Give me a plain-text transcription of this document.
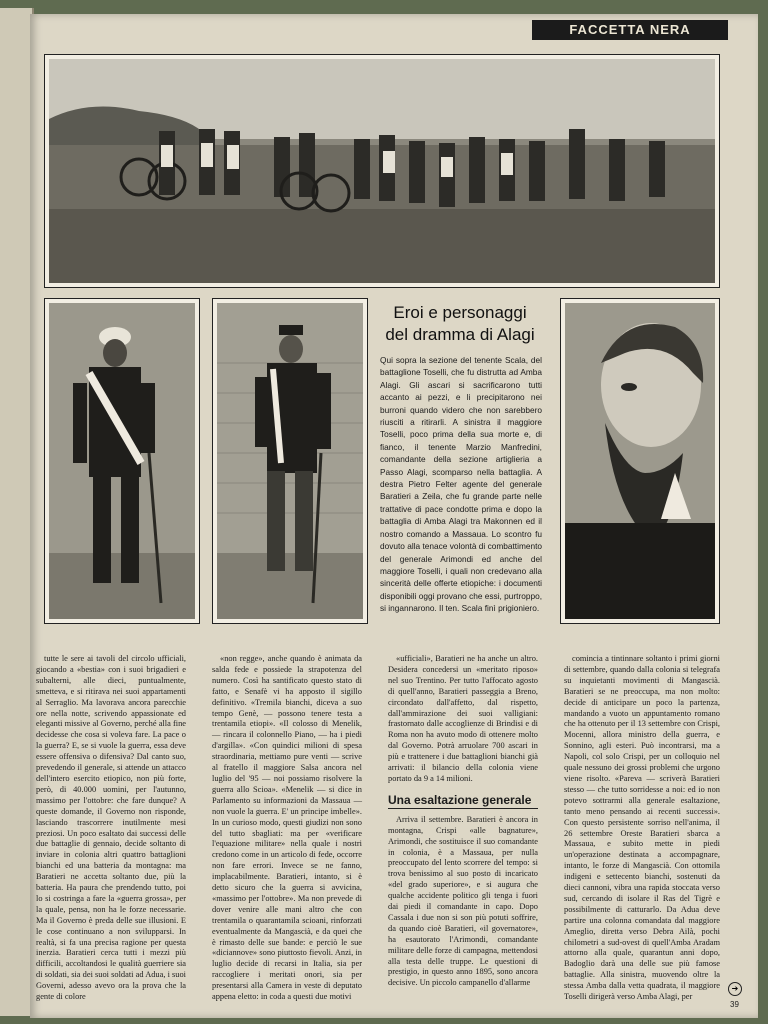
FACCETTA NERA
Eroi e personaggi
del dramma di Alagi
Qui sopra la sezione del tenente Scala, del battaglione Toselli, che fu distrutta ad Amba Alagi. Gli ascari si sacrificarono tutti accanto ai pezzi, e li precipitarono nei burroni quando videro che non sarebbero riusciti a ritirarli. A sinistra il maggiore Toselli, poco prima della sua morte e, di fianco, il tenente Marzio Manfredini, comandante della sezione artiglieria a Passo Alagi, scomparso nella battaglia. A destra Pietro Felter agente del generale Baratieri a Zeila, che fu grande parte nelle trattative di pace condotte prima e dopo la battaglia di Amba Alagi tra Makonnen ed il nostro comando a Massaua. Lo scontro fu dovuto alla tenace volontà di combattimento del generale Arimondi ed anche del maggiore Toselli, i quali non credevano alla sincerità delle offerte etiopiche: i documenti disponibili oggi provano che essi, purtroppo, si ingannarono. Il ten. Scala finì prigioniero.

tutte le sere ai tavoli del circolo ufficiali, giocando a «bestia» con i suoi brigadieri e subalterni, alle dieci, puntualmente, smetteva, e si ritirava nei suoi appartamenti al Serraglio. Ma lavorava ancora parecchie ore nella notte, scrivendo appassionate ed eleganti missive al Governo, perché alla fine decidesse che cosa si voleva fare. La pace o la guerra? E, se si vuole la guerra, essa deve essere offensiva o difensiva? Dal canto suo, prevedendo il generale, si attende un attacco dell'intero esercito etiopico, non più forte, però, di 40.000 uomini, per l'autunno, massimo per l'ottobre: che fare dunque? A queste domande, il Governo non risponde, lasciando trascorrere inutilmente mesi preziosi. Un poco esaltato dai successi delle due battaglie di gennaio, decide soltanto di inviare in colonia altri quattro battaglioni bianchi ed una batteria da montagna: ma Baratieri ne accetta soltanto due, più la batteria. Ha paura che prendendo tutto, poi lo si costringa a fare la «guerra grossa», per la quale, pensa, non ha le forze necessarie. Ma il Governo è preda delle sue illusioni. E le cose continuano a non svilupparsi. In realtà, si fa una precisa ragione per questa inerzia. Baratieri cerca tutti i mezzi più difficili, accoltandosi le qualità guerriere sia di soldati, sia dei suoi soldati ad Adua, i suoi Governi, adesso avevo ora la prova che la gente di colore

«non regge», anche quando è animata da salda fede e possiede la strapotenza del numero. Così ha santificato questo stato di fatto, e Senafè vi ha apposto il sigillo definitivo. «Tremila bianchi, diceva a suo tempo Genè, — possono tenere testa a trentamila etiopi». «Il colosso di Menelik, — rincara il colonnello Piano, — ha i piedi d'argilla». «Con quindici milioni di spesa straordinaria, mettiamo pure venti — scrive al fratello il maggiore Salsa ancora nel luglio del '95 — noi possiamo risolvere la guerra allo Scioa». «Menelik — si dice in Parlamento su informazioni da Massaua — non vuole la guerra. E' un principe imbelle». In un curioso modo, questi giudizi non sono del tutto sbagliati: ma per «verificare l'equazione militare» nella quale i nostri credono come in un articolo di fede, occorre non fare errori. Invece se ne fanno, implacabilmente. Baratieri, intanto, si è detto sicuro che la guerra si avvicina, «massimo per l'ottobre». Ma non prevede di dover venire alle mani altro che con trentamila o quarantamila scioani, rinforzati eventualmente da Mangascià, e da quei che è rimasto delle sue bande: e perciò le sue «diciannove» sono piuttosto fievoli. Anzi, in luglio decide di recarsi in Italia, sia per raccogliere i meritati onori, sia per presentarsi alla Camera in veste di deputato appena eletto: in coda a questi due motivi

«ufficiali», Baratieri ne ha anche un altro. Desidera concedersi un «meritato riposo» nel suo Trentino. Per tutto l'affocato agosto di quell'anno, Baratieri passeggia a Breno, circondato dall'affetto, dal rispetto, dall'ammirazione dei suoi valligiani: frastornato dalle accoglienze di Brindisi e di Roma non ha avuto modo di ottenere molto dal Governo. Potrà arruolare 700 ascari in più e trattenere i due battaglioni bianchi già arrivati: il bilancio della colonia viene portato da 9 a 14 milioni.

Una esaltazione generale

Arriva il settembre. Baratieri è ancora in montagna, Crispi «alle bagnature», Arimondi, che sostituisce il suo comandante in colonia, è a Massaua, per nulla preoccupato del lento scorrere del tempo: si trova benissimo al suo posto di incaricato «del grado superiore», e si augura che qualche accidente politico gli tenga i fuori dai piedi il comandante in capo. Dopo Cassala i due non si son più potuti soffrire, da quando cioè Baratieri, «il governatore», ha esautorato l'Arimondi, comandante militare delle forze di campagna, mettendosi alla testa delle truppe. Le questioni di prestigio, in questo anno 1895, sono ancora decisive. Un piccolo campanello d'allarme

comincia a tintinnare soltanto i primi giorni di settembre, quando dalla colonia si telegrafa su inquietanti movimenti di Mangascià. Baratieri se ne preoccupa, ma non molto: decide di anticipare un poco la partenza, mandando a vuoto un appuntamento romano che ha ottenuto per il 13 settembre con Crispi, Mocenni, allora ministro della guerra, e Sonnino, agli esteri. Può incontrarsi, ma a Napoli, col solo Crispi, per un colloquio nel quale nessuno dei grossi problemi che urgono viene risolto. «Pareva — scriverà Baratieri stesso — che tutto sorridesse a noi: ed io non potevo sottrarmi alla generale esaltazione, tanto meno pensando ai recenti successi». Con questo persistente sorriso nell'anima, il 26 settembre Oreste Baratieri sbarca a Massaua, e subito mette in piedi un'operazione destinata a accompagnare, intanto, le forze di Mangascià. Con ottomila indigeni e settecento bianchi, sostenuti da dieci cannoni, vibra una rapida stoccata verso sud, cercando di isolare il Ras del Tigrè e possibilmente di catturarlo. Da Adua deve partire una colonna comandata dal maggiore Ameglio, diretta verso Debra Ailà, pochi chilometri a sud-ovest di quell'Amba Aradam attorno alla quale, quarantun anni dopo, Badoglio darà una delle sue più famose battaglie. Alla sinistra, muovendo oltre la stessa Amba dalla vetta quadrata, il maggiore Toselli dirigerà verso Amba Alagi, per

➔
39
